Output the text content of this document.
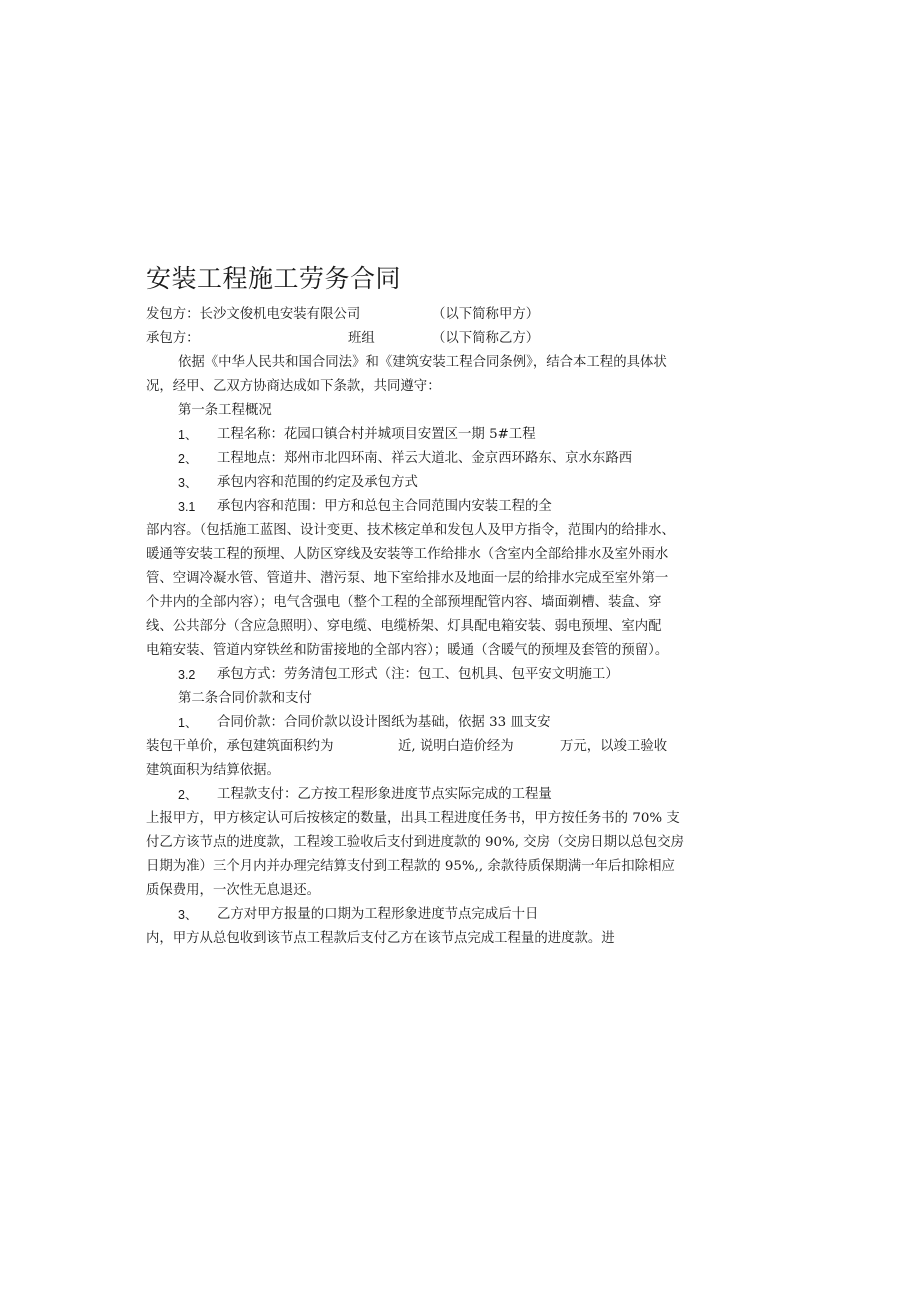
安装工程施工劳务合同
发包方：长沙文俊机电安装有限公司	（以下简称甲方）
承包方：	班组	（以下简称乙方）
依据《中华人民共和国合同法》和《建筑安装工程合同条例》，结合本工程的具体状
况，经甲、乙双方协商达成如下条款，共同遵守：
第一条工程概况
1、 工程名称：花园口镇合村并城项目安置区一期 5#工程
2、 工程地点：郑州市北四环南、祥云大道北、金京西环路东、京水东路西
3、 承包内容和范围的约定及承包方式
3.1 承包内容和范围：甲方和总包主合同范围内安装工程的全
部内容。（包括施工蓝图、设计变更、技术核定单和发包人及甲方指令，范围内的给排水、
暖通等安装工程的预埋、人防区穿线及安装等工作给排水（含室内全部给排水及室外雨水
管、空调冷凝水管、管道井、潜污泵、地下室给排水及地面一层的给排水完成至室外第一
个井内的全部内容）；电气含强电（整个工程的全部预埋配管内容、墙面剃槽、装盒、穿
线、公共部分（含应急照明）、穿电缆、电缆桥架、灯具配电箱安装、弱电预埋、室内配
电箱安装、管道内穿铁丝和防雷接地的全部内容）；暖通（含暖气的预埋及套管的预留）。
3.2 承包方式：劳务清包工形式（注：包工、包机具、包平安文明施工）
第二条合同价款和支付
1、 合同价款：合同价款以设计图纸为基础，依据 33 皿支安
装包干单价，承包建筑面积约为	近, 说明白造价经为	万元，以竣工验收
建筑面积为结算依据。
2、 工程款支付：乙方按工程形象进度节点实际完成的工程量
上报甲方，甲方核定认可后按核定的数量，出具工程进度任务书，甲方按任务书的 70% 支
付乙方该节点的进度款，工程竣工验收后支付到进度款的 90%, 交房（交房日期以总包交房
日期为准）三个月内并办理完结算支付到工程款的 95%,, 余款待质保期满一年后扣除相应
质保费用，一次性无息退还。
3、 乙方对甲方报量的口期为工程形象进度节点完成后十日
内，甲方从总包收到该节点工程款后支付乙方在该节点完成工程量的进度款。进
